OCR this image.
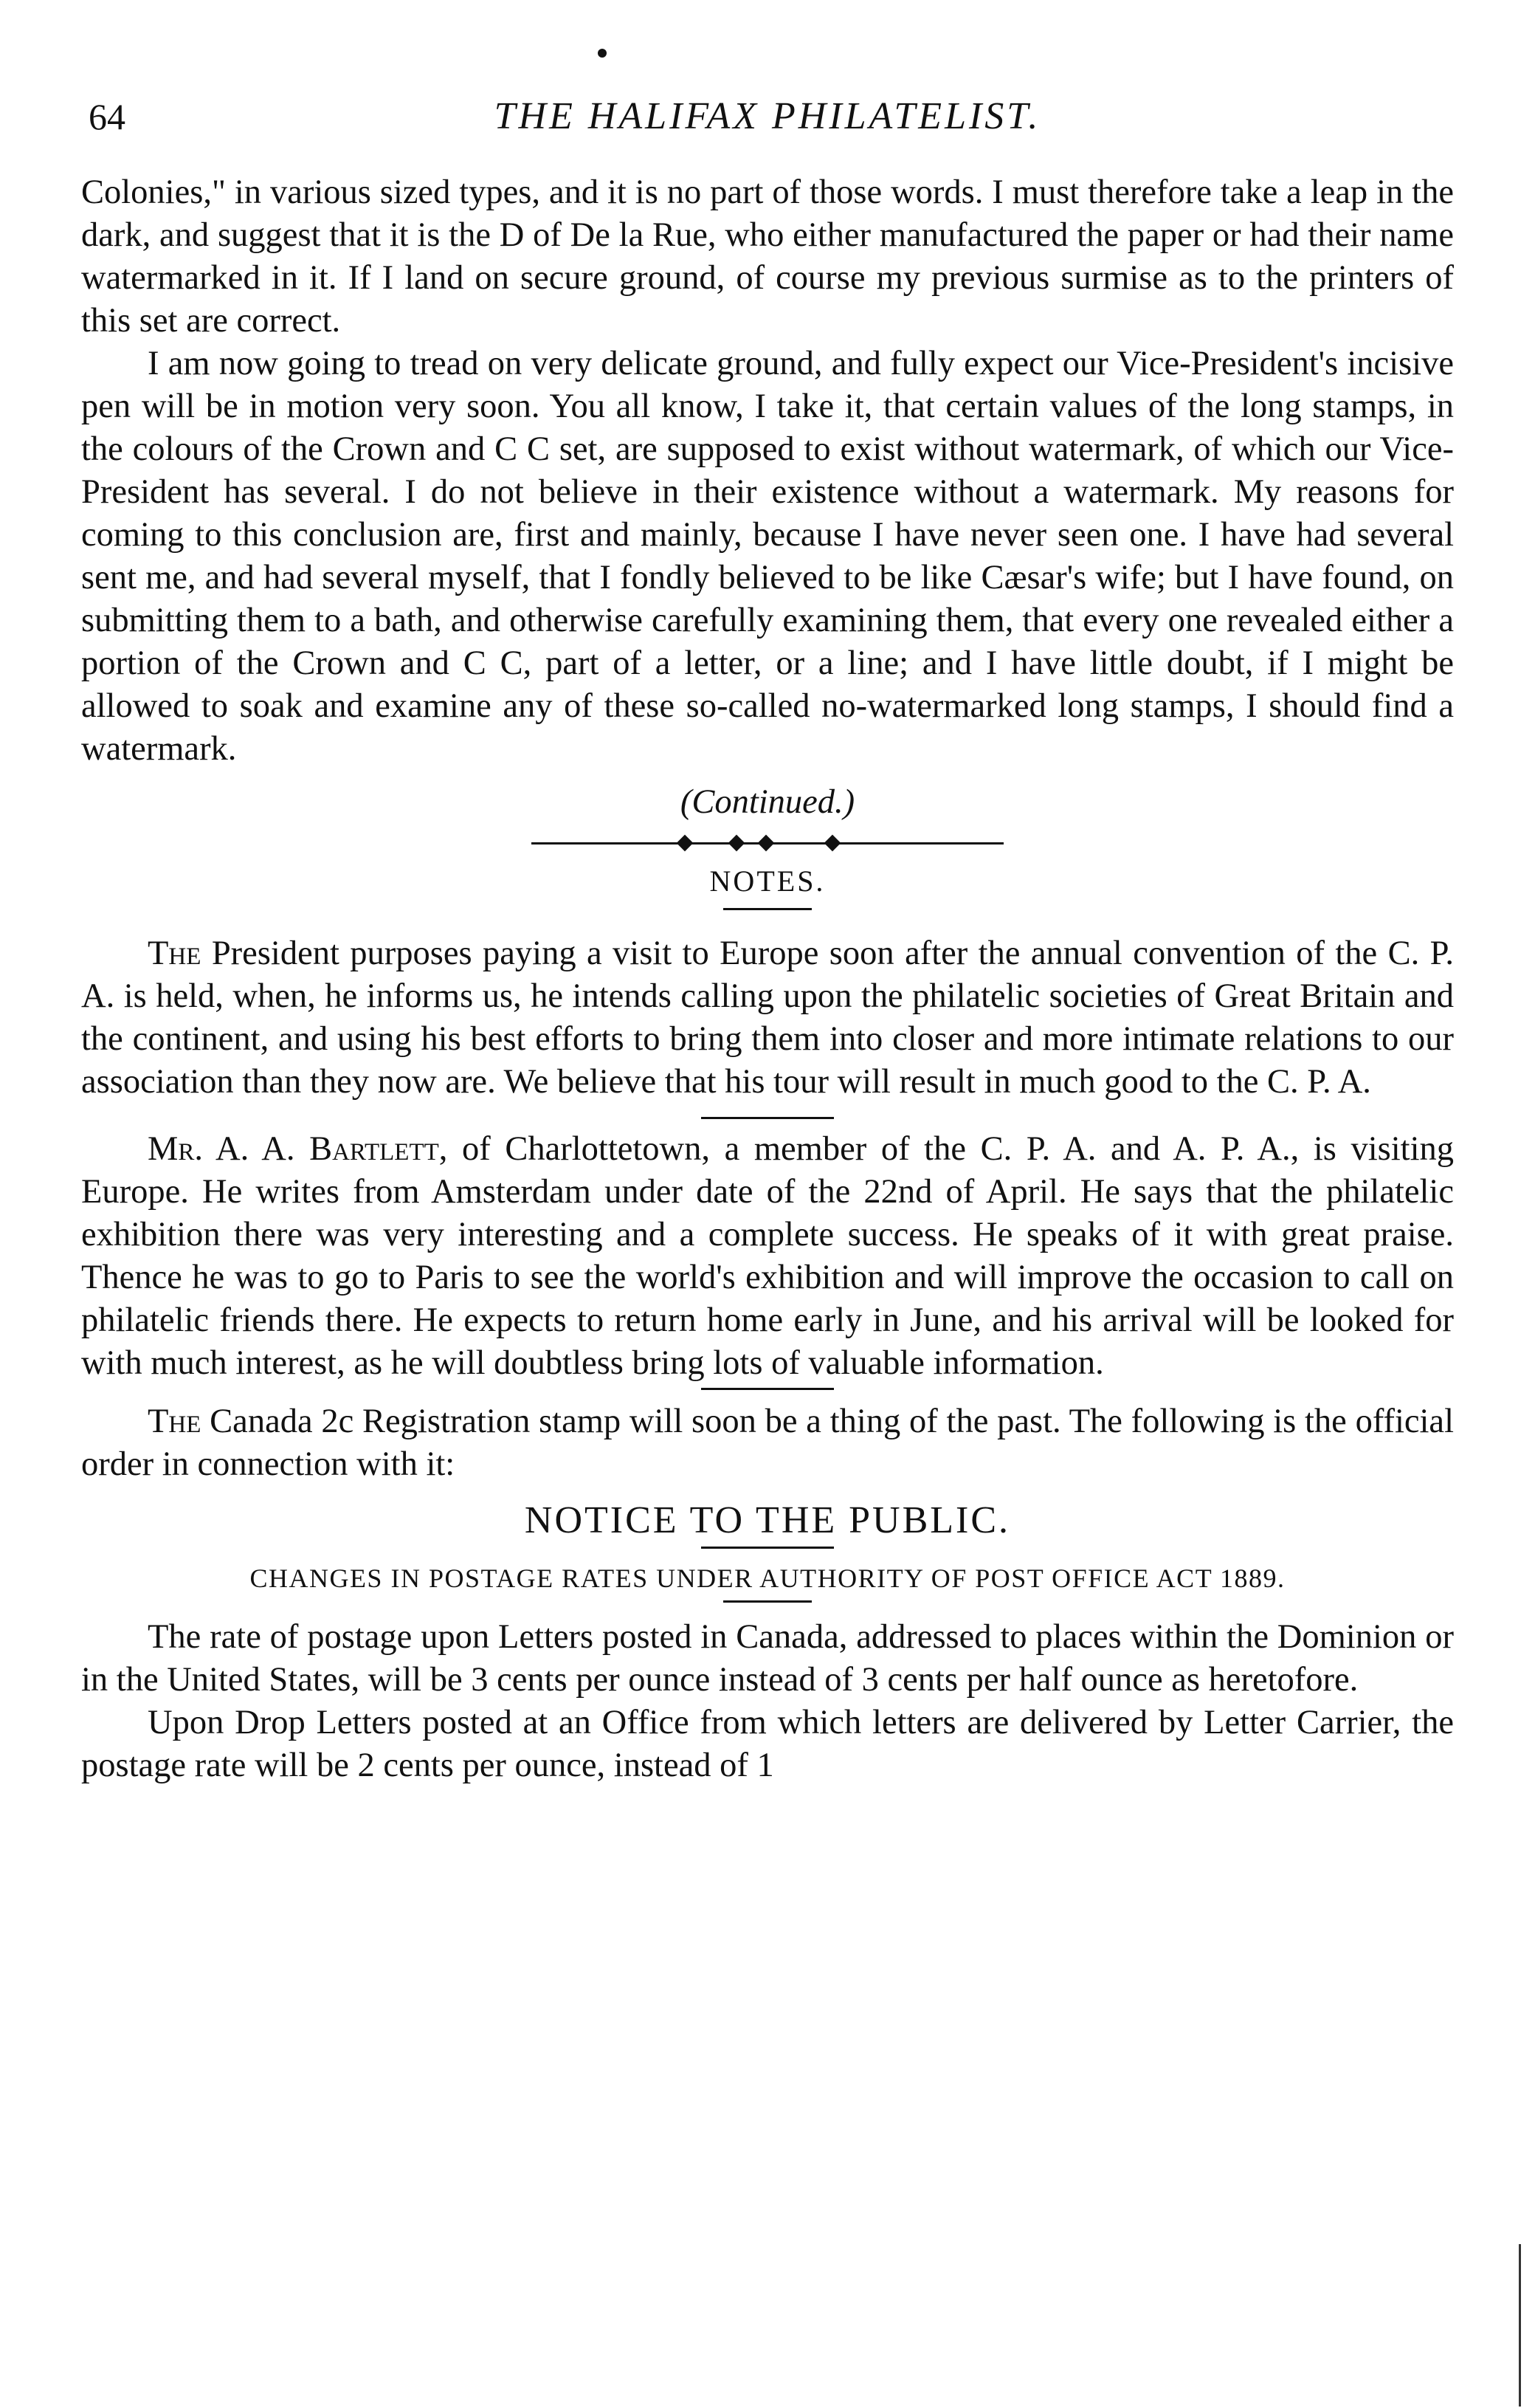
64	THE HALIFAX PHILATELIST.

Colonies," in various sized types, and it is no part of those words. I must therefore take a leap in the dark, and suggest that it is the D of De la Rue, who either manufactured the paper or had their name watermarked in it. If I land on secure ground, of course my previous surmise as to the printers of this set are correct.

I am now going to tread on very delicate ground, and fully expect our Vice-President's incisive pen will be in motion very soon. You all know, I take it, that certain values of the long stamps, in the colours of the Crown and C C set, are supposed to exist without watermark, of which our Vice-President has several. I do not believe in their existence without a watermark. My reasons for coming to this conclusion are, first and mainly, because I have never seen one. I have had several sent me, and had several myself, that I fondly believed to be like Cæsar's wife; but I have found, on submitting them to a bath, and otherwise carefully examining them, that every one revealed either a portion of the Crown and C C, part of a letter, or a line; and I have little doubt, if I might be allowed to soak and examine any of these so-called no-watermarked long stamps, I should find a watermark.

(Continued.)
NOTES.

The President purposes paying a visit to Europe soon after the annual convention of the C. P. A. is held, when, he informs us, he intends calling upon the philatelic societies of Great Britain and the continent, and using his best efforts to bring them into closer and more intimate relations to our association than they now are. We believe that his tour will result in much good to the C. P. A.

Mr. A. A. Bartlett, of Charlottetown, a member of the C. P. A. and A. P. A., is visiting Europe. He writes from Amsterdam under date of the 22nd of April. He says that the philatelic exhibition there was very interesting and a complete success. He speaks of it with great praise. Thence he was to go to Paris to see the world's exhibition and will improve the occasion to call on philatelic friends there. He expects to return home early in June, and his arrival will be looked for with much interest, as he will doubtless bring lots of valuable information.

The Canada 2c Registration stamp will soon be a thing of the past. The following is the official order in connection with it:

NOTICE TO THE PUBLIC.
CHANGES IN POSTAGE RATES UNDER AUTHORITY OF POST OFFICE ACT 1889.

The rate of postage upon Letters posted in Canada, addressed to places within the Dominion or in the United States, will be 3 cents per ounce instead of 3 cents per half ounce as heretofore.

Upon Drop Letters posted at an Office from which letters are delivered by Letter Carrier, the postage rate will be 2 cents per ounce, instead of 1
